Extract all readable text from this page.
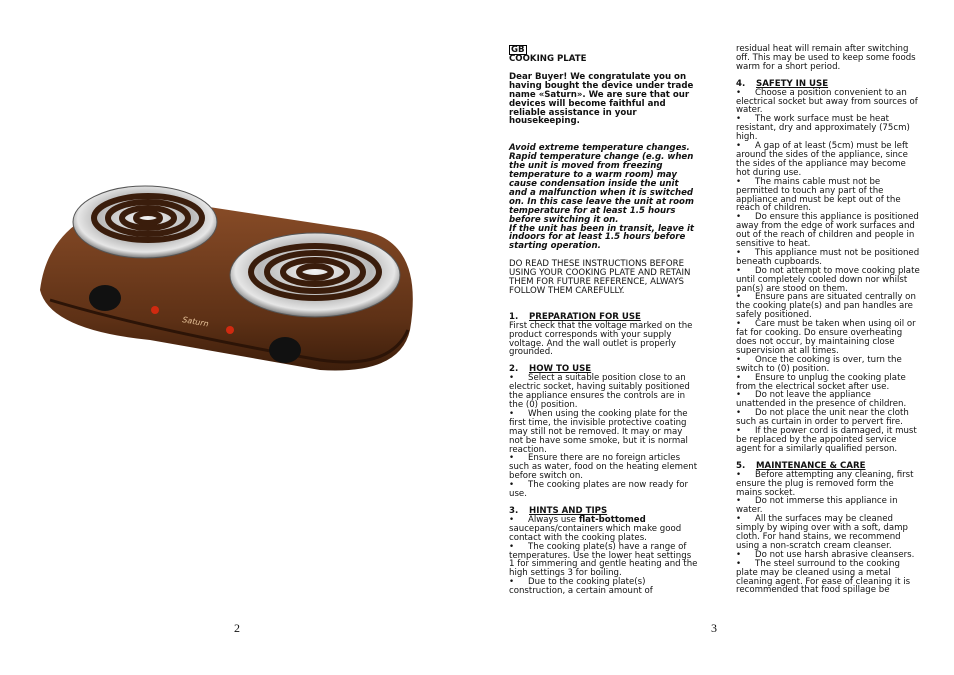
Saturn

GB

COOKING PLATE

Dear Buyer! We congratulate you on having bought the device under trade name «Saturn». We are sure that our devices will become faithful and reliable assistance in your housekeeping.

Avoid extreme temperature changes. Rapid temperature change (e.g. when the unit is moved from freezing temperature to a warm room) may cause condensation inside the unit and a malfunction when it is switched on. In this case leave the unit at room temperature for at least 1.5 hours before switching it on.

If the unit has been in transit, leave it indoors for at least 1.5 hours before starting operation.

DO READ THESE INSTRUCTIONS BEFORE USING YOUR COOKING PLATE AND RETAIN THEM FOR FUTURE REFERENCE, ALWAYS FOLLOW THEM CAREFULLY.

1. PREPARATION FOR USE

First check that the voltage marked on the product corresponds with your supply voltage. And the wall outlet is properly grounded.

2. HOW TO USE

• Select a suitable position close to an electric socket, having suitably positioned the appliance ensures the controls are in the (0) position.

• When using the cooking plate for the first time, the invisible protective coating may still not be removed. It may or may not be have some smoke, but it is normal reaction.

• Ensure there are no foreign articles such as water, food on the heating element before switch on.

• The cooking plates are now ready for use.

3. HINTS AND TIPS

• Always use flat-bottomed saucepans/containers which make good contact with the cooking plates.

• The cooking plate(s) have a range of temperatures. Use the lower heat settings 1 for simmering and gentle heating and the high settings 3 for boiling.

• Due to the cooking plate(s) construction, a certain amount of

residual heat will remain after switching off. This may be used to keep some foods warm for a short period.

4. SAFETY IN USE

• Choose a position convenient to an electrical socket but away from sources of water.

• The work surface must be heat resistant, dry and approximately (75cm) high.

• A gap of at least (5cm) must be left around the sides of the appliance, since the sides of the appliance may become hot during use.

• The mains cable must not be permitted to touch any part of the appliance and must be kept out of the reach of children.

• Do ensure this appliance is positioned away from the edge of work surfaces and out of the reach of children and people in sensitive to heat.

• This appliance must not be positioned beneath cupboards.

• Do not attempt to move cooking plate until completely cooled down nor whilst pan(s) are stood on them.

• Ensure pans are situated centrally on the cooking plate(s) and pan handles are safely positioned.

• Care must be taken when using oil or fat for cooking. Do ensure overheating does not occur, by maintaining close supervision at all times.

• Once the cooking is over, turn the switch to (0) position.

• Ensure to unplug the cooking plate from the electrical socket after use.

• Do not leave the appliance unattended in the presence of children.

• Do not place the unit near the cloth such as curtain in order to pervert fire.

• If the power cord is damaged, it must be replaced by the appointed service agent for a similarly qualified person.

5. MAINTENANCE & CARE

• Before attempting any cleaning, first ensure the plug is removed form the mains socket.

• Do not immerse this appliance in water.

• All the surfaces may be cleaned simply by wiping over with a soft, damp cloth. For hand stains, we recommend using a non-scratch cream cleanser.

• Do not use harsh abrasive cleansers.

• The steel surround to the cooking plate may be cleaned using a metal cleaning agent. For ease of cleaning it is recommended that food spillage be

2	3
